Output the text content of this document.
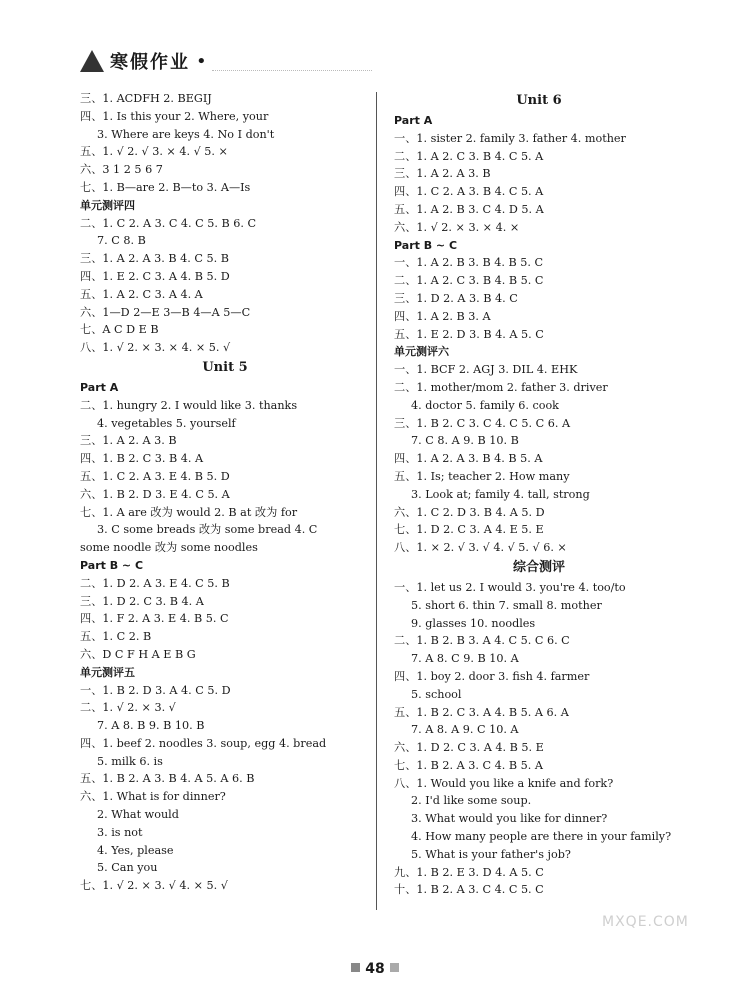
寒假作业 •
三、1. ACDFH 2. BEGIJ
四、1. Is this your 2. Where, your
3. Where are keys 4. No I don't
五、1. √ 2. √ 3. × 4. √ 5. ×
六、3 1 2 5 6 7
七、1. B—are 2. B—to 3. A—Is
单元测评四
二、1. C 2. A 3. C 4. C 5. B 6. C
7. C 8. B
三、1. A 2. A 3. B 4. C 5. B
四、1. E 2. C 3. A 4. B 5. D
五、1. A 2. C 3. A 4. A
六、1—D 2—E 3—B 4—A 5—C
七、A C D E B
八、1. √ 2. × 3. × 4. × 5. √
Unit 5
Part A
二、1. hungry 2. I would like 3. thanks
4. vegetables 5. yourself
三、1. A 2. A 3. B
四、1. B 2. C 3. B 4. A
五、1. C 2. A 3. E 4. B 5. D
六、1. B 2. D 3. E 4. C 5. A
七、1. A are 改为 would 2. B at 改为 for
3. C some breads 改为 some bread 4. C
some noodle 改为 some noodles
Part B ~ C
二、1. D 2. A 3. E 4. C 5. B
三、1. D 2. C 3. B 4. A
四、1. F 2. A 3. E 4. B 5. C
五、1. C 2. B
六、D C F H A E B G
单元测评五
一、1. B 2. D 3. A 4. C 5. D
二、1. √ 2. × 3. √
7. A 8. B 9. B 10. B
四、1. beef 2. noodles 3. soup, egg 4. bread
5. milk 6. is
五、1. B 2. A 3. B 4. A 5. A 6. B
六、1. What is for dinner?
2. What would
3. is not
4. Yes, please
5. Can you
七、1. √ 2. × 3. √ 4. × 5. √
Unit 6
Part A
一、1. sister 2. family 3. father 4. mother
二、1. A 2. C 3. B 4. C 5. A
三、1. A 2. A 3. B
四、1. C 2. A 3. B 4. C 5. A
五、1. A 2. B 3. C 4. D 5. A
六、1. √ 2. × 3. × 4. ×
Part B ~ C
一、1. A 2. B 3. B 4. B 5. C
二、1. A 2. C 3. B 4. B 5. C
三、1. D 2. A 3. B 4. C
四、1. A 2. B 3. A
五、1. E 2. D 3. B 4. A 5. C
单元测评六
一、1. BCF 2. AGJ 3. DIL 4. EHK
二、1. mother/mom 2. father 3. driver
4. doctor 5. family 6. cook
三、1. B 2. C 3. C 4. C 5. C 6. A
7. C 8. A 9. B 10. B
四、1. A 2. A 3. B 4. B 5. A
五、1. Is; teacher 2. How many
3. Look at; family 4. tall, strong
六、1. C 2. D 3. B 4. A 5. D
七、1. D 2. C 3. A 4. E 5. E
八、1. × 2. √ 3. √ 4. √ 5. √ 6. ×
综合测评
一、1. let us 2. I would 3. you're 4. too/to
5. short 6. thin 7. small 8. mother
9. glasses 10. noodles
二、1. B 2. B 3. A 4. C 5. C 6. C
7. A 8. C 9. B 10. A
四、1. boy 2. door 3. fish 4. farmer
5. school
五、1. B 2. C 3. A 4. B 5. A 6. A
7. A 8. A 9. C 10. A
六、1. D 2. C 3. A 4. B 5. E
七、1. B 2. A 3. C 4. B 5. A
八、1. Would you like a knife and fork?
2. I'd like some soup.
3. What would you like for dinner?
4. How many people are there in your family?
5. What is your father's job?
九、1. B 2. E 3. D 4. A 5. C
十、1. B 2. A 3. C 4. C 5. C
48
MXQE.COM
